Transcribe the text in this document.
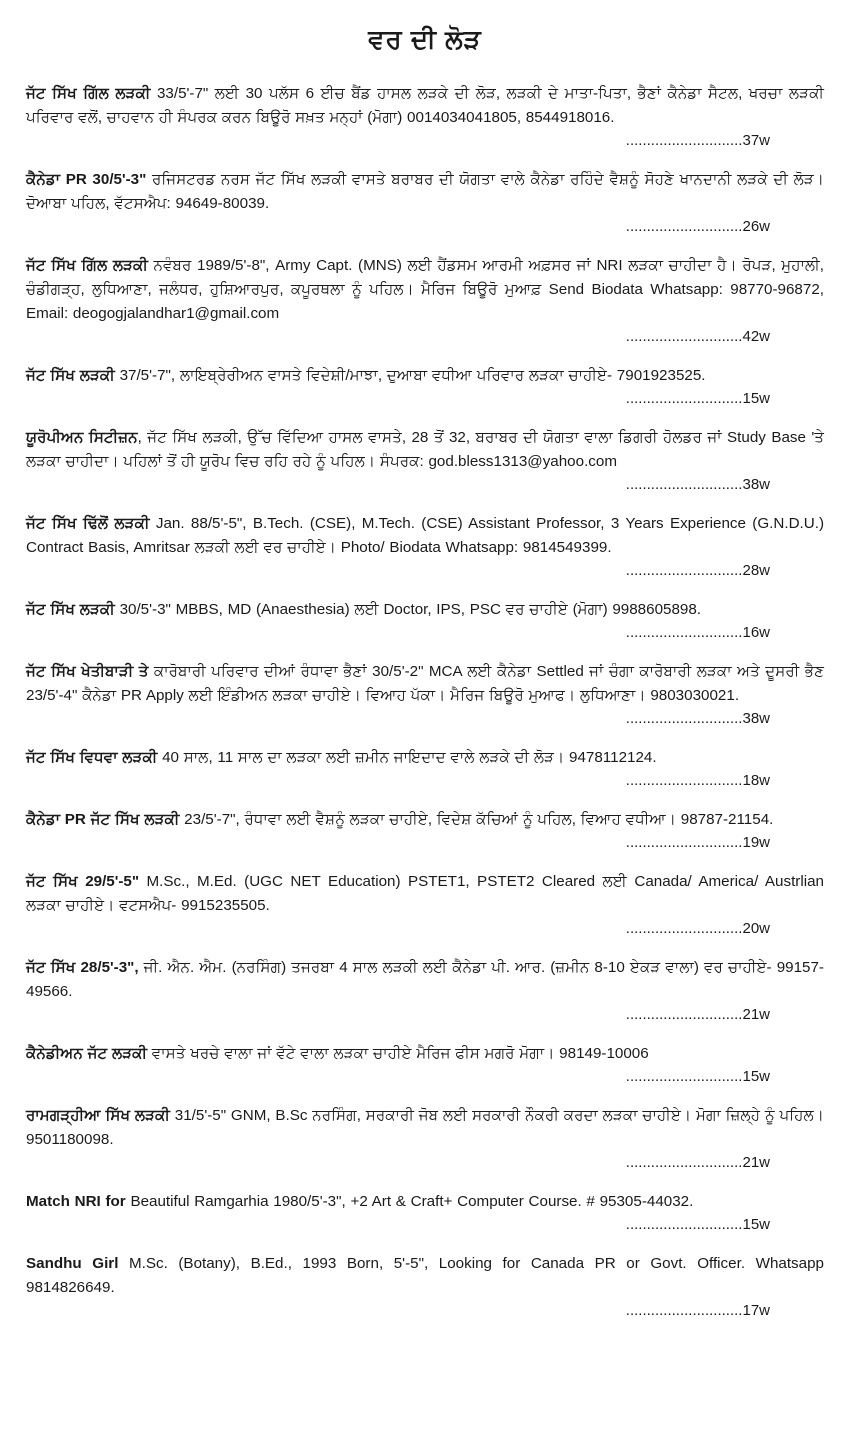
ਵਰ ਦੀ ਲੋੜ
ਜੱਟ ਸਿੱਖ ਗਿੱਲ ਲੜਕੀ 33/5'-7" ਲਈ 30 ਪਲੱਸ 6 ਈਚ ਬੈਂਡ ਹਾਸਲ ਲੜਕੇ ਦੀ ਲੋੜ, ਲੜਕੀ ਦੇ ਮਾਤਾ-ਪਿਤਾ, ਭੈਣਾਂ ਕੈਨੇਡਾ ਸੈਟਲ, ਖਰਚਾ ਲੜਕੀ ਪਰਿਵਾਰ ਵਲੋਂ, ਚਾਹਵਾਨ ਹੀ ਸੰਪਰਕ ਕਰਨ ਬਿਊਰੋ ਸਖ਼ਤ ਮਨ੍ਹਾਂ (ਮੋਗਾ) 0014034041805, 8544918016.
............................37w
ਕੈਨੇਡਾ PR 30/5'-3" ਰਜਿਸਟਰਡ ਨਰਸ ਜੱਟ ਸਿੱਖ ਲੜਕੀ ਵਾਸਤੇ ਬਰਾਬਰ ਦੀ ਯੋਗਤਾ ਵਾਲੇ ਕੈਨੇਡਾ ਰਹਿੰਦੇ ਵੈਸ਼ਨੂੰ ਸੋਹਣੇ ਖਾਨਦਾਨੀ ਲੜਕੇ ਦੀ ਲੋੜ। ਦੋਆਬਾ ਪਹਿਲ, ਵੱਟਸਐਪ: 94649-80039.
............................26w
ਜੱਟ ਸਿੱਖ ਗਿੱਲ ਲੜਕੀ ਨਵੰਬਰ 1989/5'-8", Army Capt. (MNS) ਲਈ ਹੈਂਡਸਮ ਆਰਮੀ ਅਫ਼ਸਰ ਜਾਂ NRI ਲੜਕਾ ਚਾਹੀਦਾ ਹੈ। ਰੋਪੜ, ਮੁਹਾਲੀ, ਚੰਡੀਗੜ੍ਹ, ਲੁਧਿਆਣਾ, ਜਲੰਧਰ, ਹੁਸ਼ਿਆਰਪੁਰ, ਕਪੂਰਥਲਾ ਨੂੰ ਪਹਿਲ। ਮੈਰਿਜ ਬਿਊਰੋ ਮੁਆਫ਼ Send Biodata Whatsapp: 98770-96872, Email: deogogjalandhar1@gmail.com
............................42w
ਜੱਟ ਸਿੱਖ ਲੜਕੀ 37/5'-7", ਲਾਇਬ੍ਰੇਰੀਅਨ ਵਾਸਤੇ ਵਿਦੇਸ਼ੀ/ਮਾਝਾ, ਦੁਆਬਾ ਵਧੀਆ ਪਰਿਵਾਰ ਲੜਕਾ ਚਾਹੀਏ- 7901923525.
............................15w
ਯੂਰੋਪੀਅਨ ਸਿਟੀਜ਼ਨ, ਜੱਟ ਸਿੱਖ ਲੜਕੀ, ਉੱਚ ਵਿੱਦਿਆ ਹਾਸਲ ਵਾਸਤੇ, 28 ਤੋਂ 32, ਬਰਾਬਰ ਦੀ ਯੋਗਤਾ ਵਾਲਾ ਡਿਗਰੀ ਹੋਲਡਰ ਜਾਂ Study Base 'ਤੇ ਲੜਕਾ ਚਾਹੀਦਾ। ਪਹਿਲਾਂ ਤੋਂ ਹੀ ਯੂਰੋਪ ਵਿਚ ਰਹਿ ਰਹੇ ਨੂੰ ਪਹਿਲ। ਸੰਪਰਕ: god.bless1313@yahoo.com
............................38w
ਜੱਟ ਸਿੱਖ ਢਿੱਲੋਂ ਲੜਕੀ Jan. 88/5'-5", B.Tech. (CSE), M.Tech. (CSE) Assistant Professor, 3 Years Experience (G.N.D.U.) Contract Basis, Amritsar ਲੜਕੀ ਲਈ ਵਰ ਚਾਹੀਏ। Photo/ Biodata Whatsapp: 9814549399.
............................28w
ਜੱਟ ਸਿੱਖ ਲੜਕੀ 30/5'-3" MBBS, MD (Anaesthesia) ਲਈ Doctor, IPS, PSC ਵਰ ਚਾਹੀਏ (ਮੋਗਾ) 9988605898.
............................16w
ਜੱਟ ਸਿੱਖ ਖੇਤੀਬਾੜੀ ਤੇ ਕਾਰੋਬਾਰੀ ਪਰਿਵਾਰ ਦੀਆਂ ਰੰਧਾਵਾ ਭੈਣਾਂ 30/5'-2" MCA ਲਈ ਕੈਨੇਡਾ Settled ਜਾਂ ਚੰਗਾ ਕਾਰੋਬਾਰੀ ਲੜਕਾ ਅਤੇ ਦੂਸਰੀ ਭੈਣ 23/5'-4" ਕੈਨੇਡਾ PR Apply ਲਈ ਇੰਡੀਅਨ ਲੜਕਾ ਚਾਹੀਏ। ਵਿਆਹ ਪੱਕਾ। ਮੈਰਿਜ ਬਿਊਰੋ ਮੁਆਫ। ਲੁਧਿਆਣਾ। 9803030021.
............................38w
ਜੱਟ ਸਿੱਖ ਵਿਧਵਾ ਲੜਕੀ 40 ਸਾਲ, 11 ਸਾਲ ਦਾ ਲੜਕਾ ਲਈ ਜ਼ਮੀਨ ਜਾਇਦਾਦ ਵਾਲੇ ਲੜਕੇ ਦੀ ਲੋੜ। 9478112124.
............................18w
ਕੈਨੇਡਾ PR ਜੱਟ ਸਿੱਖ ਲੜਕੀ 23/5'-7", ਰੰਧਾਵਾ ਲਈ ਵੈਸ਼ਨੂੰ ਲੜਕਾ ਚਾਹੀਏ, ਵਿਦੇਸ਼ ਕੱਚਿਆਂ ਨੂੰ ਪਹਿਲ, ਵਿਆਹ ਵਧੀਆ। 98787-21154.
............................19w
ਜੱਟ ਸਿੱਖ 29/5'-5" M.Sc., M.Ed. (UGC NET Education) PSTET1, PSTET2 Cleared ਲਈ Canada/ America/ Austrlian ਲੜਕਾ ਚਾਹੀਏ। ਵਟਸਐਪ- 9915235505.
............................20w
ਜੱਟ ਸਿੱਖ 28/5'-3", ਜੀ. ਐਨ. ਐਮ. (ਨਰਸਿੰਗ) ਤਜਰਬਾ 4 ਸਾਲ ਲੜਕੀ ਲਈ ਕੈਨੇਡਾ ਪੀ. ਆਰ. (ਜ਼ਮੀਨ 8-10 ਏਕੜ ਵਾਲਾ) ਵਰ ਚਾਹੀਏ- 99157-49566.
............................21w
ਕੈਨੇਡੀਅਨ ਜੱਟ ਲੜਕੀ ਵਾਸਤੇ ਖਰਚੇ ਵਾਲਾ ਜਾਂ ਵੱਟੇ ਵਾਲਾ ਲੜਕਾ ਚਾਹੀਏ ਮੈਰਿਜ ਫੀਸ ਮਗਰੋ ਮੋਗਾ। 98149-10006
............................15w
ਰਾਮਗੜ੍ਹੀਆ ਸਿੱਖ ਲੜਕੀ 31/5'-5" GNM, B.Sc ਨਰਸਿੰਗ, ਸਰਕਾਰੀ ਜੋਬ ਲਈ ਸਰਕਾਰੀ ਨੌਕਰੀ ਕਰਦਾ ਲੜਕਾ ਚਾਹੀਏ। ਮੋਗਾ ਜ਼ਿਲ੍ਹੇ ਨੂੰ ਪਹਿਲ। 9501180098.
............................21w
Match NRI for Beautiful Ramgarhia 1980/5'-3", +2 Art & Craft+ Computer Course. # 95305-44032.
............................15w
Sandhu Girl M.Sc. (Botany), B.Ed., 1993 Born, 5'-5", Looking for Canada PR or Govt. Officer. Whatsapp 9814826649.
............................17w
